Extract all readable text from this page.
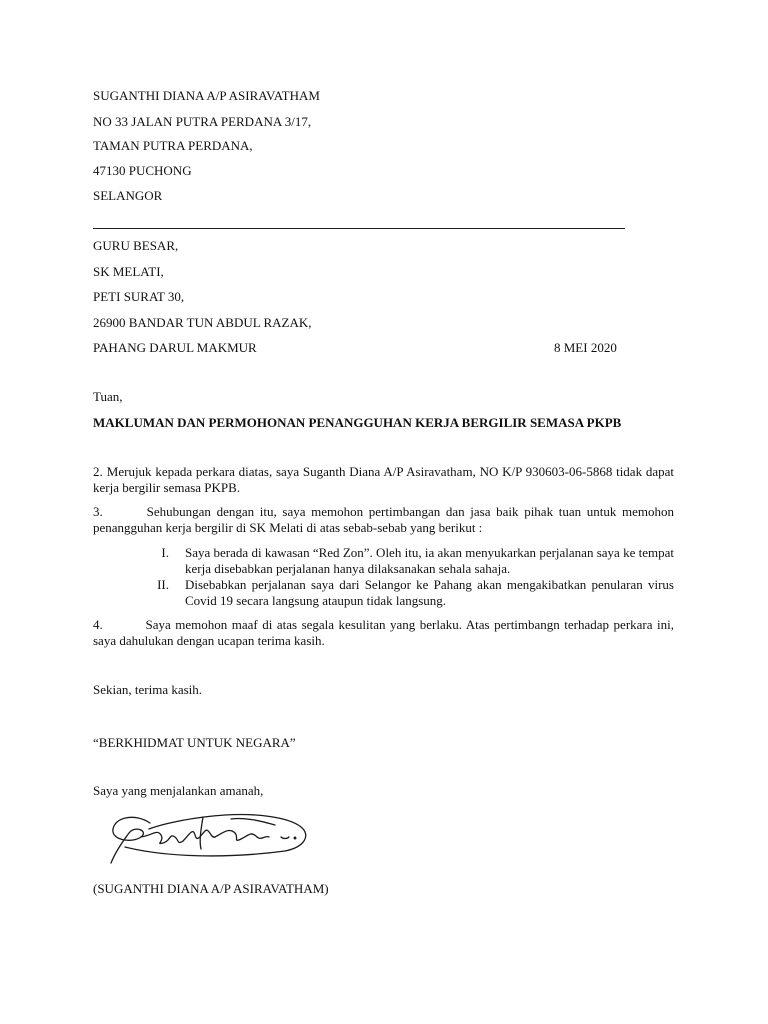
SUGANTHI DIANA A/P ASIRAVATHAM
NO 33 JALAN PUTRA PERDANA 3/17,
TAMAN PUTRA PERDANA,
47130 PUCHONG
SELANGOR
GURU BESAR,
SK MELATI,
PETI SURAT 30,
26900 BANDAR TUN ABDUL RAZAK,
PAHANG DARUL MAKMUR	8 MEI 2020
Tuan,
MAKLUMAN DAN PERMOHONAN PENANGGUHAN KERJA BERGILIR SEMASA PKPB
2. Merujuk kepada perkara diatas, saya Suganth Diana A/P Asiravatham, NO K/P 930603-06-5868 tidak dapat kerja bergilir semasa PKPB.
3.	Sehubungan dengan itu, saya memohon pertimbangan dan jasa baik pihak tuan untuk memohon penangguhan kerja bergilir di SK Melati di atas sebab-sebab yang berikut :
I. Saya berada di kawasan “Red Zon”. Oleh itu, ia akan menyukarkan perjalanan saya ke tempat kerja disebabkan perjalanan hanya dilaksanakan sehala sahaja.
II. Disebabkan perjalanan saya dari Selangor ke Pahang akan mengakibatkan penularan virus Covid 19 secara langsung ataupun tidak langsung.
4.	Saya memohon maaf di atas segala kesulitan yang berlaku. Atas pertimbangn terhadap perkara ini, saya dahulukan dengan ucapan terima kasih.
Sekian, terima kasih.
“BERKHIDMAT UNTUK NEGARA”
Saya yang menjalankan amanah,
(SUGANTHI DIANA A/P ASIRAVATHAM)
